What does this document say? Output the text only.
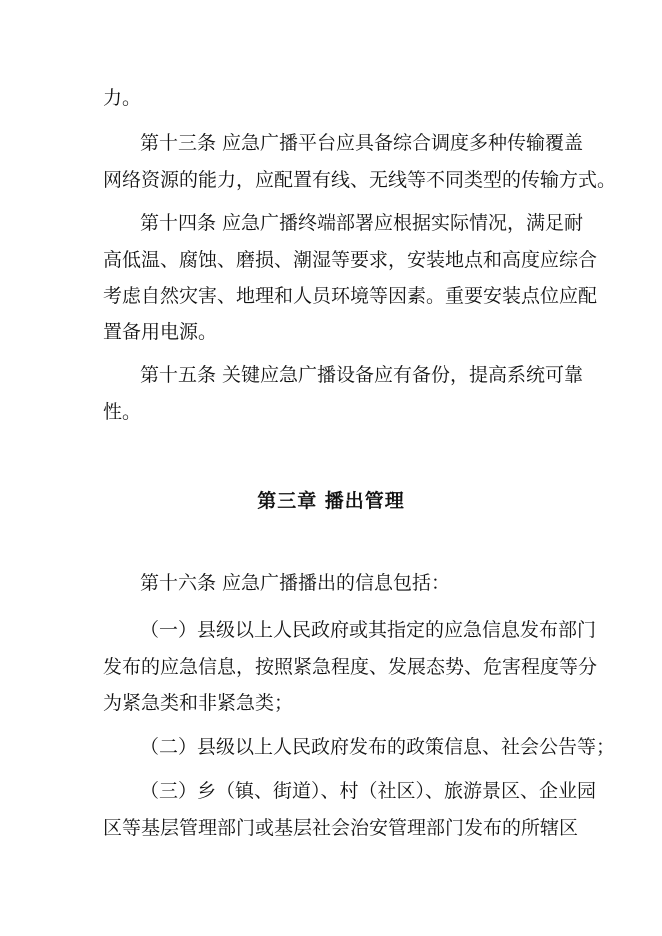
力。
第十三条 应急广播平台应具备综合调度多种传输覆盖
网络资源的能力，应配置有线、无线等不同类型的传输方式。
第十四条 应急广播终端部署应根据实际情况，满足耐
高低温、腐蚀、磨损、潮湿等要求，安装地点和高度应综合
考虑自然灾害、地理和人员环境等因素。重要安装点位应配
置备用电源。
第十五条 关键应急广播设备应有备份，提高系统可靠
性。
第三章 播出管理
第十六条 应急广播播出的信息包括：
（一）县级以上人民政府或其指定的应急信息发布部门
发布的应急信息，按照紧急程度、发展态势、危害程度等分
为紧急类和非紧急类；
（二）县级以上人民政府发布的政策信息、社会公告等；
（三）乡（镇、街道）、村（社区）、旅游景区、企业园
区等基层管理部门或基层社会治安管理部门发布的所辖区
